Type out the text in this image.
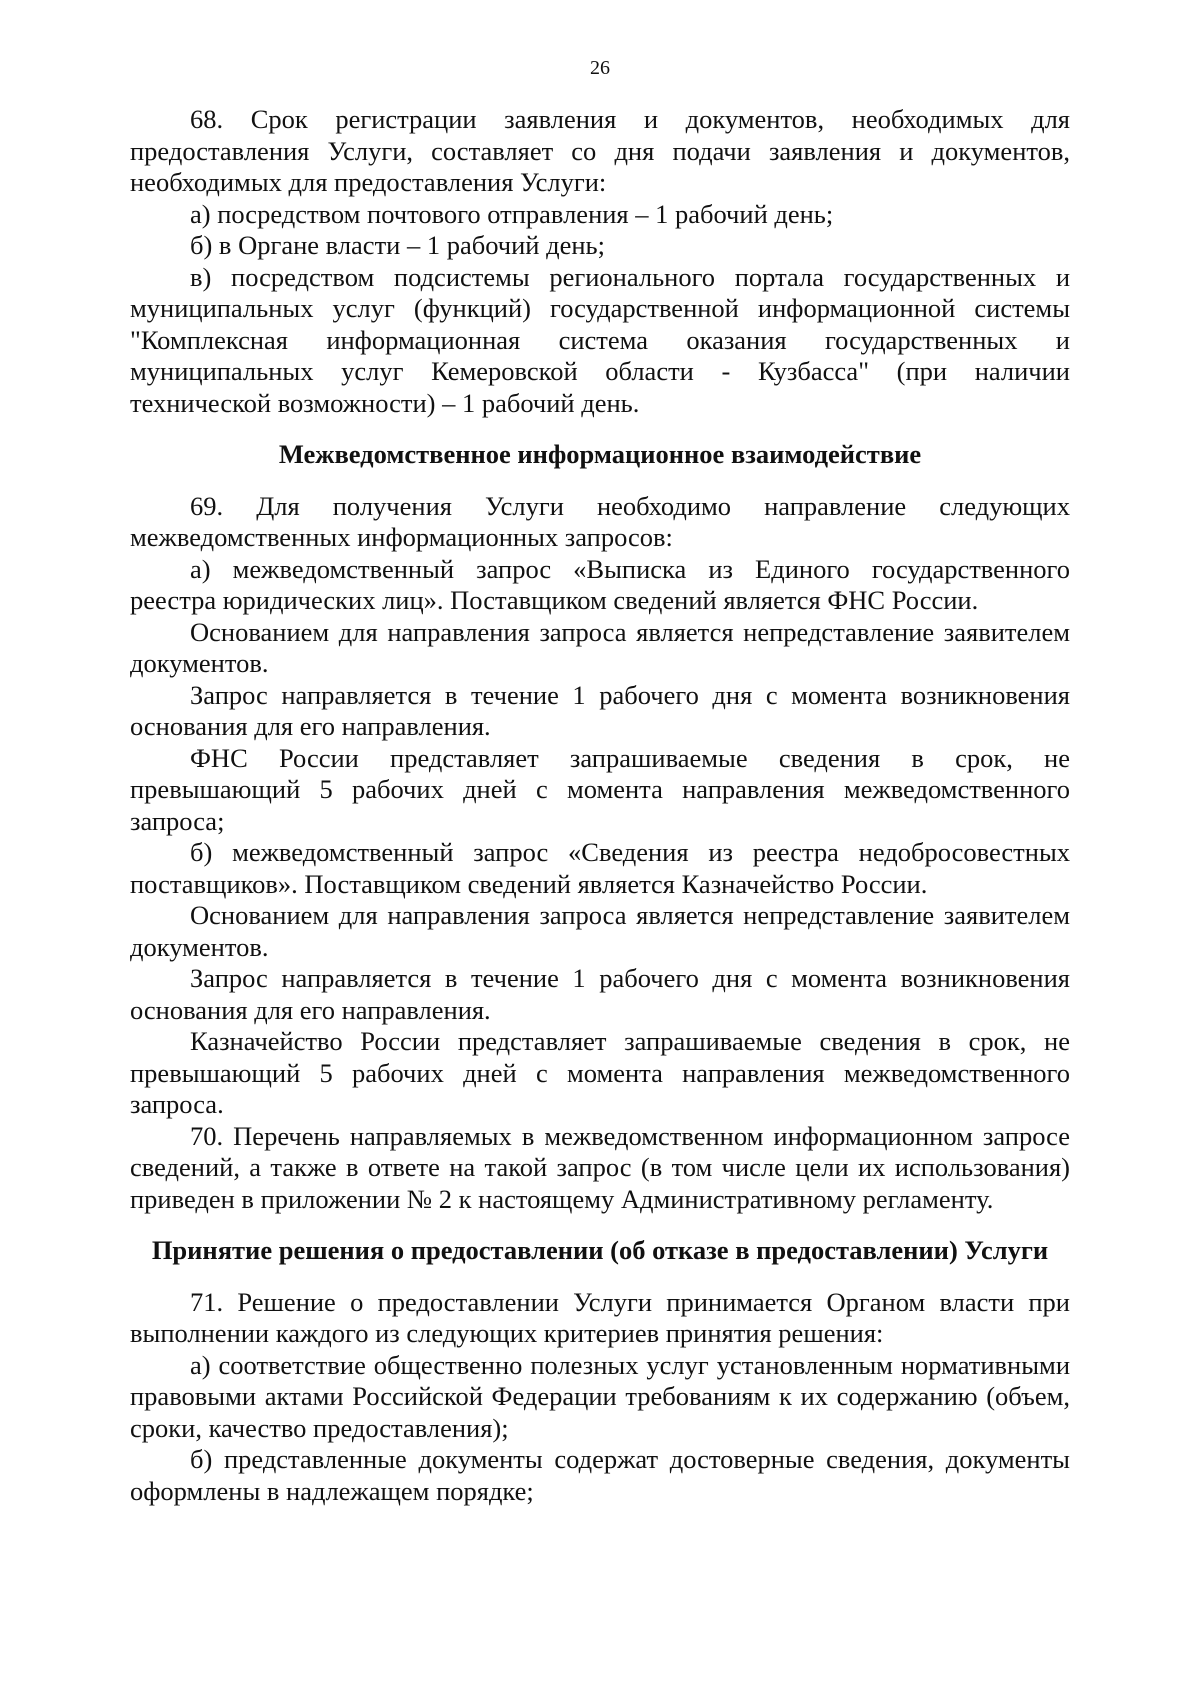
26

68. Срок регистрации заявления и документов, необходимых для предоставления Услуги, составляет со дня подачи заявления и документов, необходимых для предоставления Услуги:

а) посредством почтового отправления – 1 рабочий день;

б) в Органе власти – 1 рабочий день;

в) посредством подсистемы регионального портала государственных и муниципальных услуг (функций) государственной информационной системы "Комплексная информационная система оказания государственных и муниципальных услуг Кемеровской области - Кузбасса" (при наличии технической возможности) – 1 рабочий день.

Межведомственное информационное взаимодействие

69. Для получения Услуги необходимо направление следующих межведомственных информационных запросов:

а) межведомственный запрос «Выписка из Единого государственного реестра юридических лиц». Поставщиком сведений является ФНС России.

Основанием для направления запроса является непредставление заявителем документов.

Запрос направляется в течение 1 рабочего дня с момента возникновения основания для его направления.

ФНС России представляет запрашиваемые сведения в срок, не превышающий 5 рабочих дней с момента направления межведомственного запроса;

б) межведомственный запрос «Сведения из реестра недобросовестных поставщиков». Поставщиком сведений является Казначейство России.

Основанием для направления запроса является непредставление заявителем документов.

Запрос направляется в течение 1 рабочего дня с момента возникновения основания для его направления.

Казначейство России представляет запрашиваемые сведения в срок, не превышающий 5 рабочих дней с момента направления межведомственного запроса.

70. Перечень направляемых в межведомственном информационном запросе сведений, а также в ответе на такой запрос (в том числе цели их использования) приведен в приложении № 2 к настоящему Административному регламенту.

Принятие решения о предоставлении (об отказе в предоставлении) Услуги

71. Решение о предоставлении Услуги принимается Органом власти при выполнении каждого из следующих критериев принятия решения:

а) соответствие общественно полезных услуг установленным нормативными правовыми актами Российской Федерации требованиям к их содержанию (объем, сроки, качество предоставления);

б) представленные документы содержат достоверные сведения, документы оформлены в надлежащем порядке;
